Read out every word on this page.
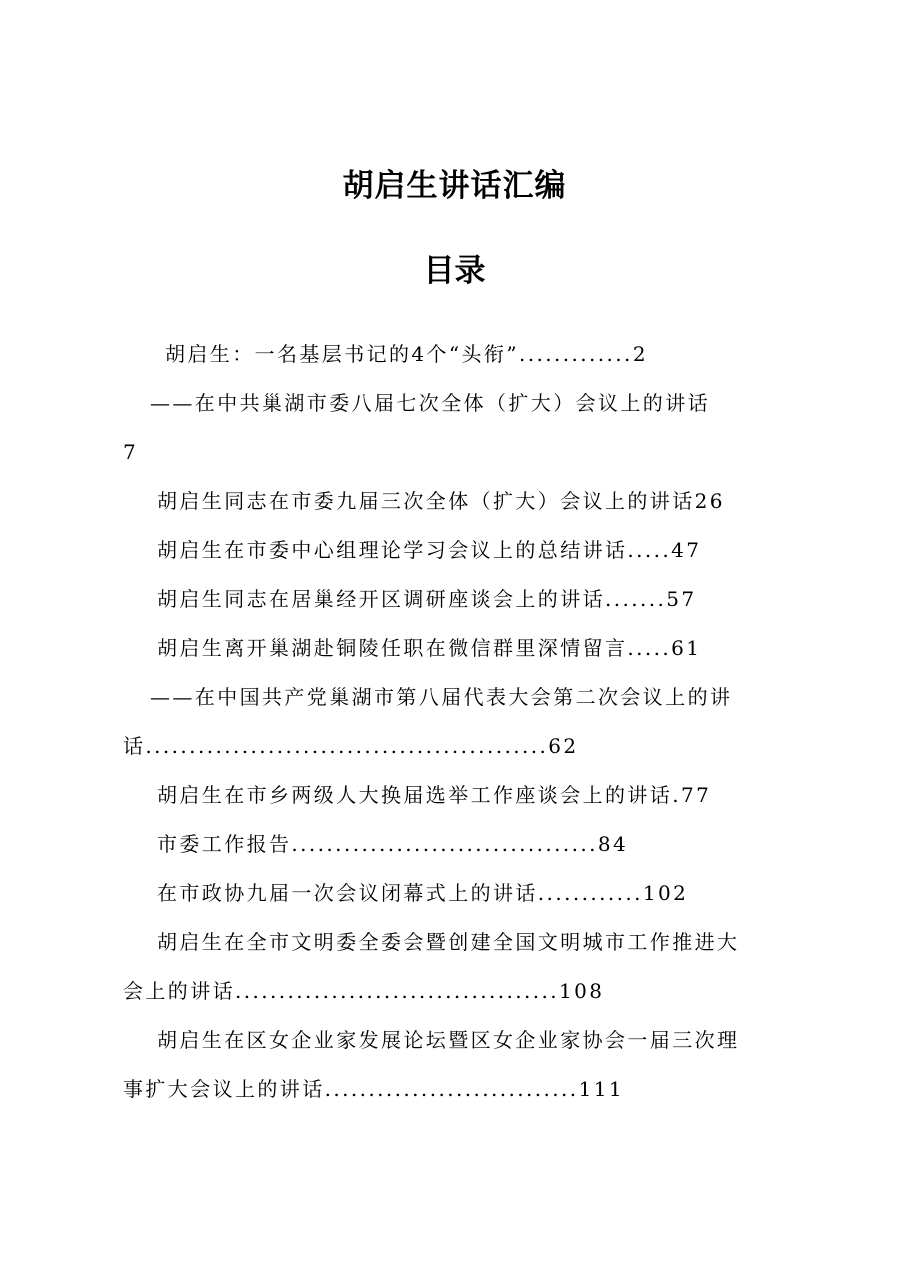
胡启生讲话汇编
目录
胡启生：一名基层书记的4个“头衔”.............2
——在中共巢湖市委八届七次全体（扩大）会议上的讲话
7
胡启生同志在市委九届三次全体（扩大）会议上的讲话26
胡启生在市委中心组理论学习会议上的总结讲话.....47
胡启生同志在居巢经开区调研座谈会上的讲话.......57
胡启生离开巢湖赴铜陵任职在微信群里深情留言.....61
——在中国共产党巢湖市第八届代表大会第二次会议上的讲
话..............................................62
胡启生在市乡两级人大换届选举工作座谈会上的讲话.77
市委工作报告...................................84
在市政协九届一次会议闭幕式上的讲话............102
胡启生在全市文明委全委会暨创建全国文明城市工作推进大
会上的讲话.....................................108
胡启生在区女企业家发展论坛暨区女企业家协会一届三次理
事扩大会议上的讲话.............................111
